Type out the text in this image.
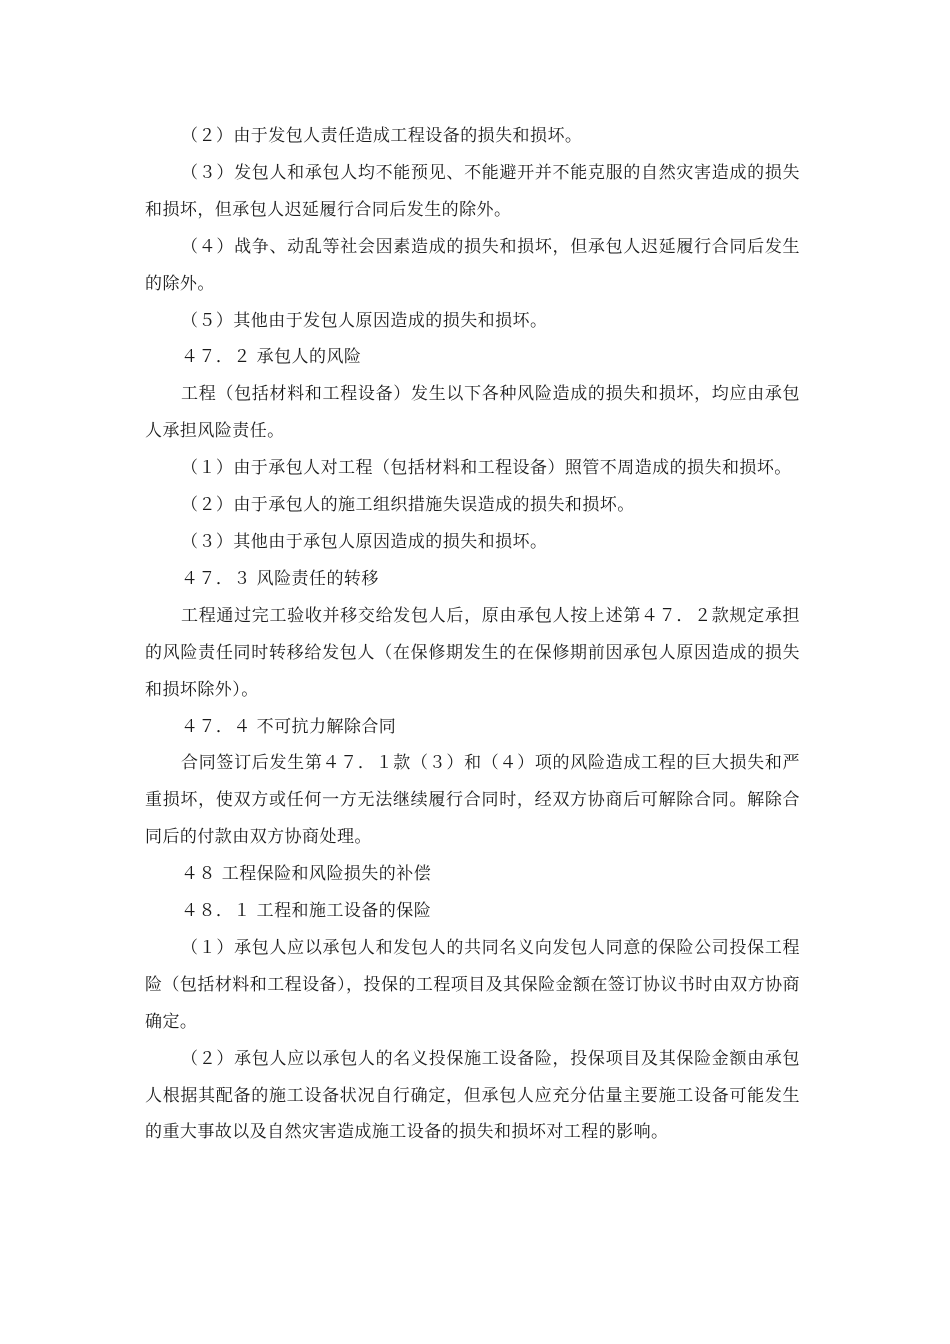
（２）由于发包人责任造成工程设备的损失和损坏。

（３）发包人和承包人均不能预见、不能避开并不能克服的自然灾害造成的损失和损坏，但承包人迟延履行合同后发生的除外。

（４）战争、动乱等社会因素造成的损失和损坏，但承包人迟延履行合同后发生的除外。

（５）其他由于发包人原因造成的损失和损坏。

４７．２ 承包人的风险

工程（包括材料和工程设备）发生以下各种风险造成的损失和损坏，均应由承包人承担风险责任。

（１）由于承包人对工程（包括材料和工程设备）照管不周造成的损失和损坏。

（２）由于承包人的施工组织措施失误造成的损失和损坏。

（３）其他由于承包人原因造成的损失和损坏。

４７．３ 风险责任的转移

工程通过完工验收并移交给发包人后，原由承包人按上述第４７．２款规定承担的风险责任同时转移给发包人（在保修期发生的在保修期前因承包人原因造成的损失和损坏除外）。

４７．４ 不可抗力解除合同

合同签订后发生第４７．１款（３）和（４）项的风险造成工程的巨大损失和严重损坏，使双方或任何一方无法继续履行合同时，经双方协商后可解除合同。解除合同后的付款由双方协商处理。

４８ 工程保险和风险损失的补偿

４８．１ 工程和施工设备的保险

（１）承包人应以承包人和发包人的共同名义向发包人同意的保险公司投保工程险（包括材料和工程设备），投保的工程项目及其保险金额在签订协议书时由双方协商确定。

（２）承包人应以承包人的名义投保施工设备险，投保项目及其保险金额由承包人根据其配备的施工设备状况自行确定，但承包人应充分估量主要施工设备可能发生的重大事故以及自然灾害造成施工设备的损失和损坏对工程的影响。
